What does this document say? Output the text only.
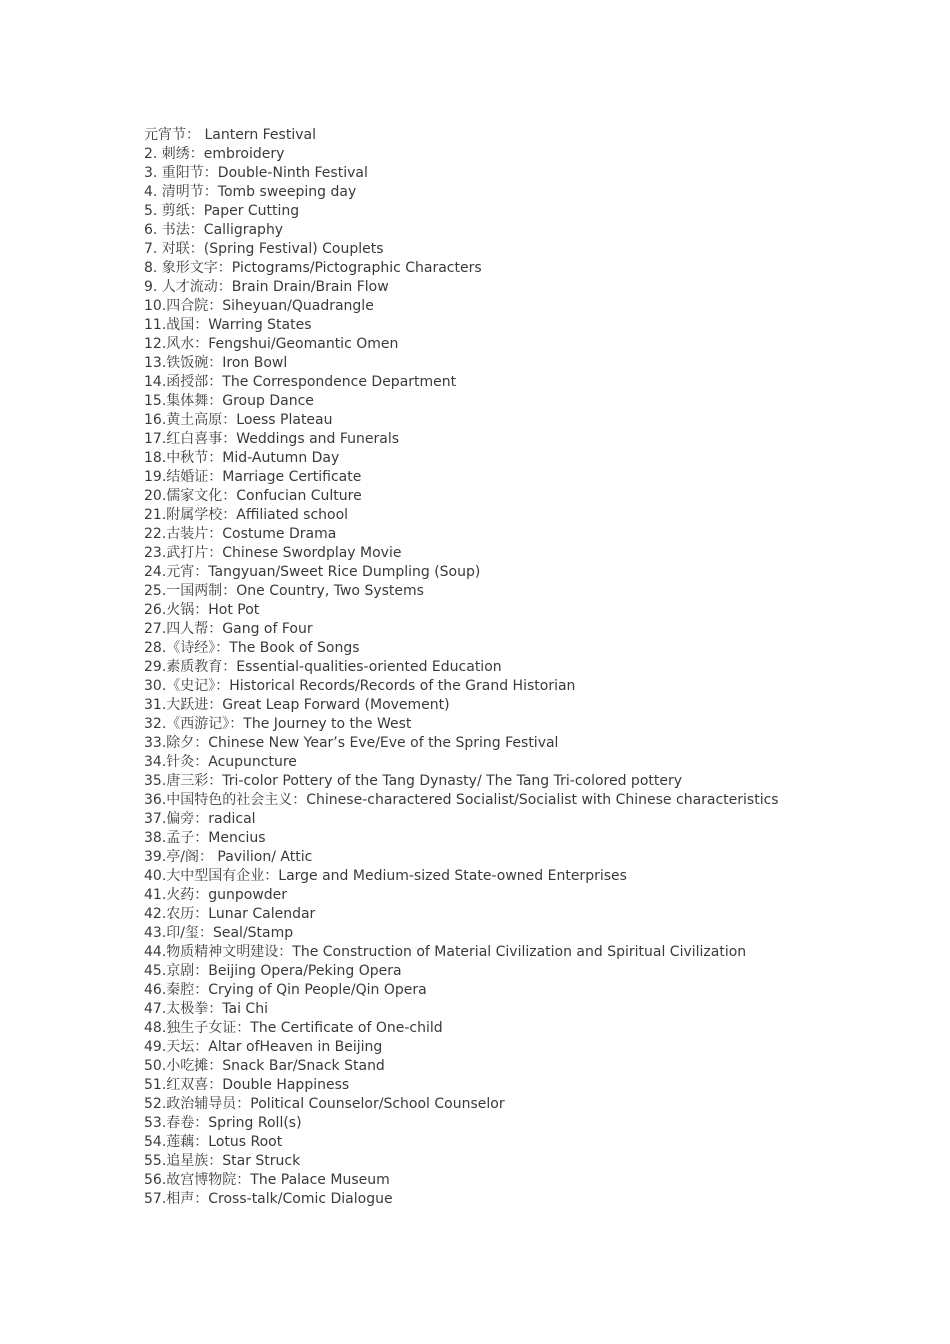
元宵节： Lantern Festival
2. 刺绣：embroidery
3. 重阳节：Double-Ninth Festival
4. 清明节：Tomb sweeping day
5. 剪纸：Paper Cutting
6. 书法：Calligraphy
7. 对联：(Spring Festival) Couplets
8. 象形文字：Pictograms/Pictographic Characters
9. 人才流动：Brain Drain/Brain Flow
10.四合院：Siheyuan/Quadrangle
11.战国：Warring States
12.风水：Fengshui/Geomantic Omen
13.铁饭碗：Iron Bowl
14.函授部：The Correspondence Department
15.集体舞：Group Dance
16.黄土高原：Loess Plateau
17.红白喜事：Weddings and Funerals
18.中秋节：Mid-Autumn Day
19.结婚证：Marriage Certificate
20.儒家文化：Confucian Culture
21.附属学校：Affiliated school
22.古装片：Costume Drama
23.武打片：Chinese Swordplay Movie
24.元宵：Tangyuan/Sweet Rice Dumpling (Soup)
25.一国两制：One Country, Two Systems
26.火锅：Hot Pot
27.四人帮：Gang of Four
28.《诗经》：The Book of Songs
29.素质教育：Essential-qualities-oriented Education
30.《史记》：Historical Records/Records of the Grand Historian
31.大跃进：Great Leap Forward (Movement)
32.《西游记》：The Journey to the West
33.除夕：Chinese New Year’s Eve/Eve of the Spring Festival
34.针灸：Acupuncture
35.唐三彩：Tri-color Pottery of the Tang Dynasty/ The Tang Tri-colored pottery
36.中国特色的社会主义：Chinese-charactered Socialist/Socialist with Chinese characteristics
37.偏旁：radical
38.孟子：Mencius
39.亭/阁： Pavilion/ Attic
40.大中型国有企业：Large and Medium-sized State-owned Enterprises
41.火药：gunpowder
42.农历：Lunar Calendar
43.印/玺：Seal/Stamp
44.物质精神文明建设：The Construction of Material Civilization and Spiritual Civilization
45.京剧：Beijing Opera/Peking Opera
46.秦腔：Crying of Qin People/Qin Opera
47.太极拳：Tai Chi
48.独生子女证：The Certificate of One-child
49.天坛：Altar ofHeaven in Beijing
50.小吃摊：Snack Bar/Snack Stand
51.红双喜：Double Happiness
52.政治辅导员：Political Counselor/School Counselor
53.春卷：Spring Roll(s)
54.莲藕：Lotus Root
55.追星族：Star Struck
56.故宫博物院：The Palace Museum
57.相声：Cross-talk/Comic Dialogue
